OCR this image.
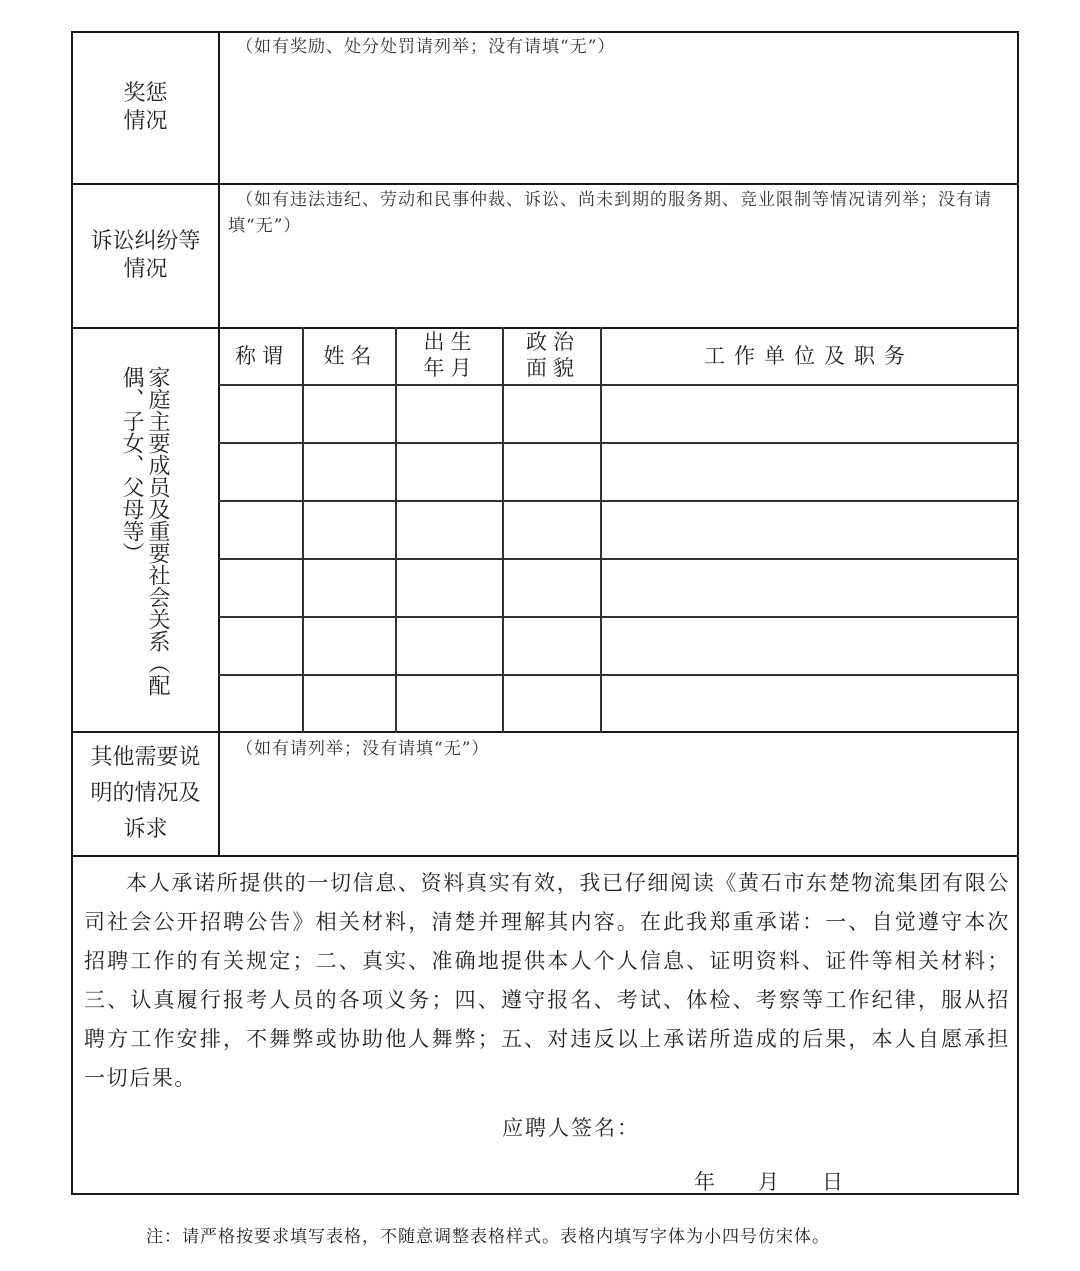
奖惩
情况
（如有奖励、处分处罚请列举；没有请填“无”）
诉讼纠纷等
情况
（如有违法违纪、劳动和民事仲裁、诉讼、尚未到期的服务期、竞业限制等情况请列举；没有请填“无”）
家庭主要成员及重要社会关系（配偶、子女、父母等）
称谓	姓名
出生
年月
政治
面貌	工作单位及职务
其他需要说
明的情况及
诉求
（如有请列举；没有请填“无”）
本人承诺所提供的一切信息、资料真实有效，我已仔细阅读《黄石市东楚物流集团有限公司社会公开招聘公告》相关材料，清楚并理解其内容。在此我郑重承诺：一、自觉遵守本次招聘工作的有关规定；二、真实、准确地提供本人个人信息、证明资料、证件等相关材料；三、认真履行报考人员的各项义务；四、遵守报名、考试、体检、考察等工作纪律，服从招聘方工作安排，不舞弊或协助他人舞弊；五、对违反以上承诺所造成的后果，本人自愿承担一切后果。
应聘人签名：
年 月 日
注：请严格按要求填写表格，不随意调整表格样式。表格内填写字体为小四号仿宋体。
